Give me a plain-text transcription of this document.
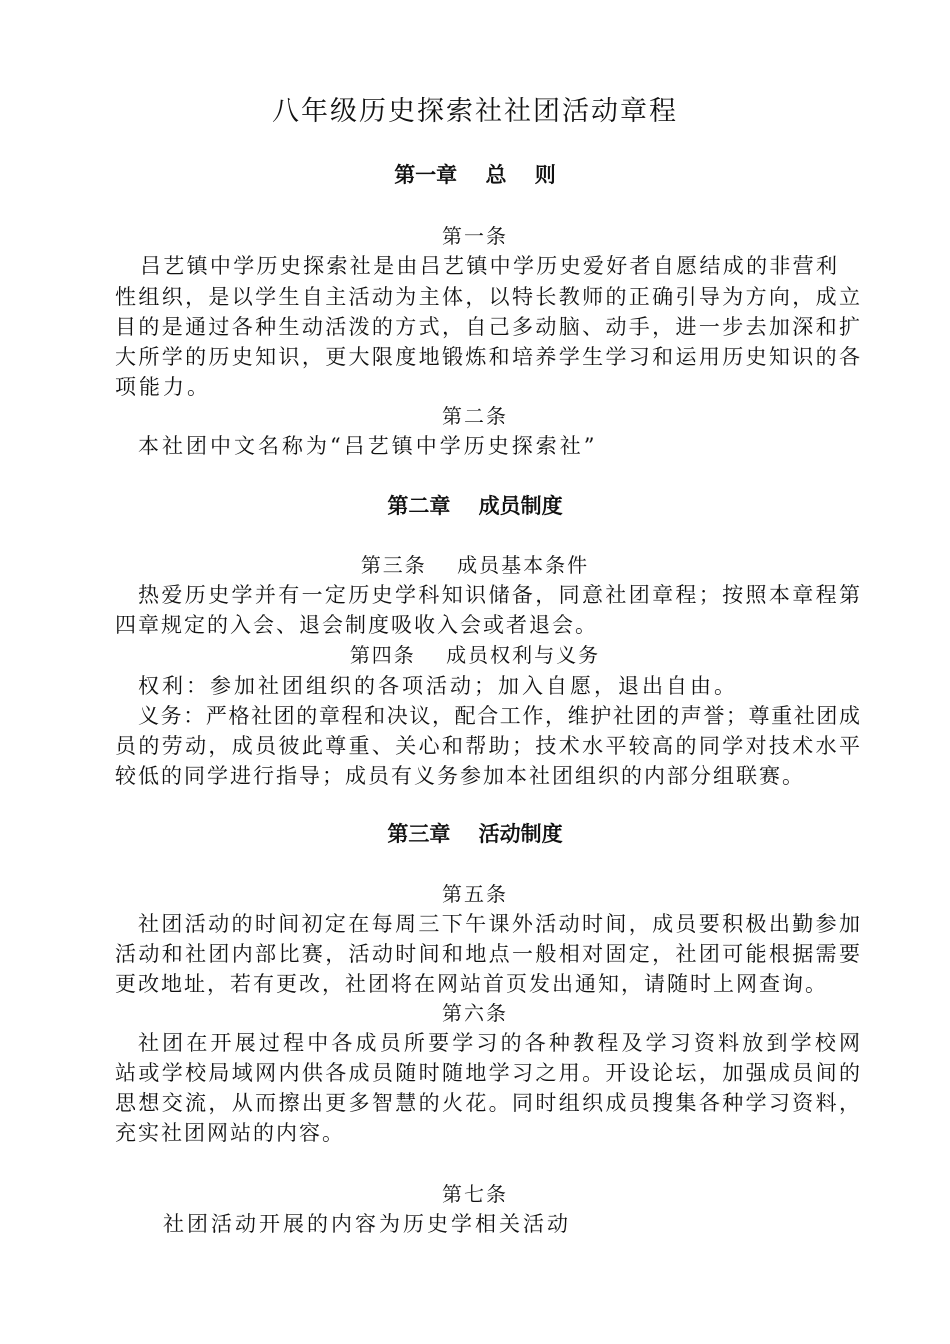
八年级历史探索社社团活动章程
第一章　 总　 则
第一条
吕艺镇中学历史探索社是由吕艺镇中学历史爱好者自愿结成的非营利
性组织，是以学生自主活动为主体，以特长教师的正确引导为方向，成立
目的是通过各种生动活泼的方式，自己多动脑、动手，进一步去加深和扩
大所学的历史知识，更大限度地锻炼和培养学生学习和运用历史知识的各
项能力。
第二条
本社团中文名称为“吕艺镇中学历史探索社”
第二章　 成员制度
第三条　 成员基本条件
热爱历史学并有一定历史学科知识储备，同意社团章程；按照本章程第
四章规定的入会、退会制度吸收入会或者退会。
第四条　 成员权利与义务
权利：参加社团组织的各项活动；加入自愿，退出自由。
义务：严格社团的章程和决议，配合工作，维护社团的声誉；尊重社团成
员的劳动，成员彼此尊重、关心和帮助；技术水平较高的同学对技术水平
较低的同学进行指导；成员有义务参加本社团组织的内部分组联赛。
第三章　 活动制度
第五条
社团活动的时间初定在每周三下午课外活动时间，成员要积极出勤参加
活动和社团内部比赛，活动时间和地点一般相对固定，社团可能根据需要
更改地址，若有更改，社团将在网站首页发出通知，请随时上网查询。
第六条
社团在开展过程中各成员所要学习的各种教程及学习资料放到学校网
站或学校局域网内供各成员随时随地学习之用。开设论坛，加强成员间的
思想交流，从而擦出更多智慧的火花。同时组织成员搜集各种学习资料，
充实社团网站的内容。
第七条
社团活动开展的内容为历史学相关活动
